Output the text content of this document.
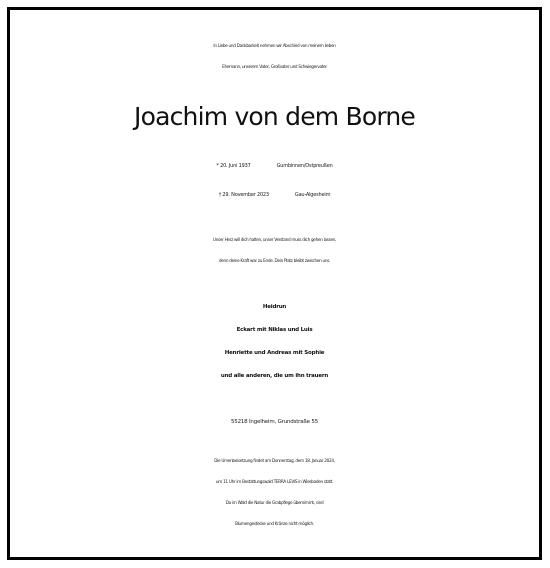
In Liebe und Dankbarkeit nehmen wir Abschied von meinem lieben
Ehemann, unserem Vater, Großvater und Schwiegervater
Joachim von dem Borne
* 20. Juni 1937	Gumbinnen/Ostpreußen
† 29. November 2023	Gau-Algesheim
Unser Herz will dich halten, unser Verstand muss dich gehen lassen,
denn deine Kraft war zu Ende. Dein Platz bleibt zwischen uns.
Heidrun
Eckart mit Niklas und Luis
Henriette und Andreas mit Sophie
und alle anderen, die um ihn trauern
55218 Ingelheim, Grundstraße 55
Die Urnenbeisetzung findet am Donnerstag, dem 18. Januar 2024,
um 11 Uhr im Bestattungswald TERRA LEVIS in Wiesbaden statt.
Da im Wald die Natur die Grabpflege übernimmt, sind
Blumengestecke und Kränze nicht möglich.
